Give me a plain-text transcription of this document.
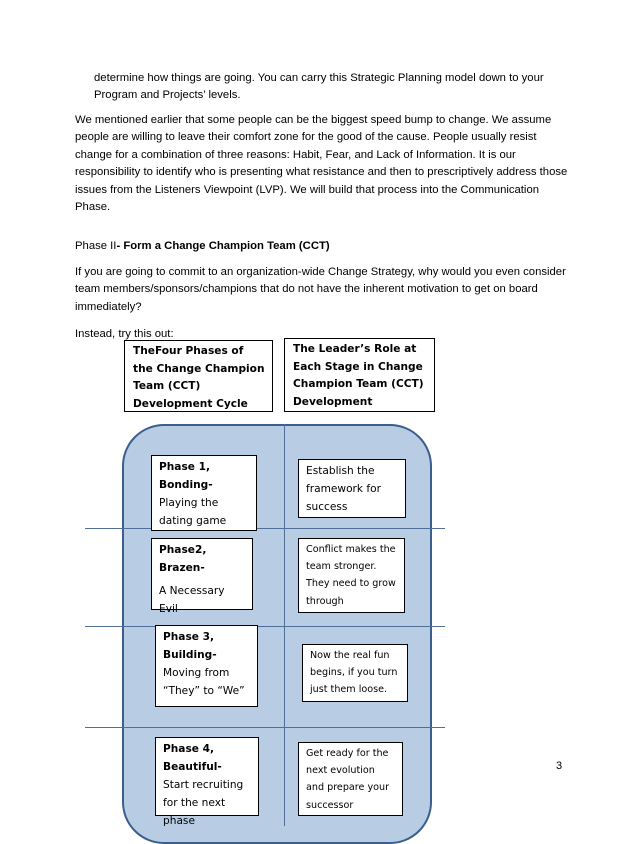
determine how things are going. You can carry this Strategic Planning model down to your Program and Projects’ levels.

We mentioned earlier that some people can be the biggest speed bump to change. We assume people are willing to leave their comfort zone for the good of the cause. People usually resist change for a combination of three reasons: Habit, Fear, and Lack of Information. It is our responsibility to identify who is presenting what resistance and then to prescriptively address those issues from the Listeners Viewpoint (LVP). We will build that process into the Communication Phase.

Phase II- Form a Change Champion Team (CCT)

If you are going to commit to an organization-wide Change Strategy, why would you even consider team members/sponsors/champions that do not have the inherent motivation to get on board immediately?

Instead, try this out:

TheFour Phases of the Change Champion Team (CCT) Development Cycle
The Leader’s Role at Each Stage in Change Champion Team (CCT) Development
Phase 1, Bonding- Playing the dating game
Establish the framework for success
Phase2, Brazen-
A Necessary Evil
Conflict makes the team stronger. They need to grow through
Phase 3, Building- Moving from “They” to “We”
Now the real fun begins, if you turn just them loose.
Phase 4, Beautiful- Start recruiting for the next phase
Get ready for the next evolution and prepare your successor
3
